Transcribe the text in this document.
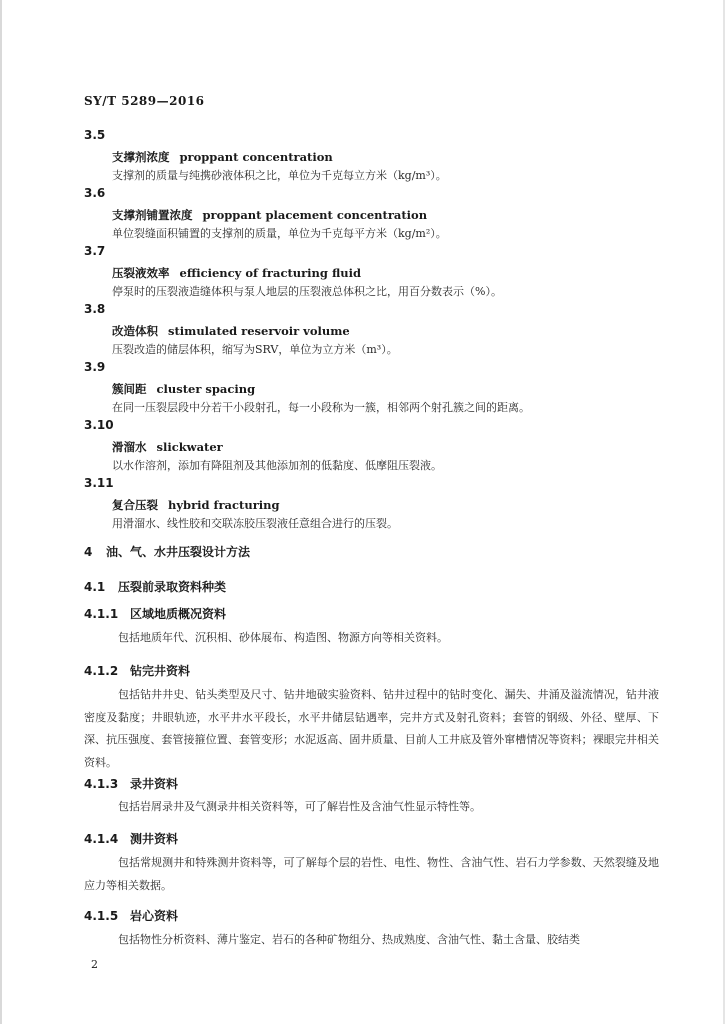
SY/T 5289—2016
3.5
支撑剂浓度 proppant concentration
支撑剂的质量与纯携砂液体积之比，单位为千克每立方米（kg/m³）。
3.6
支撑剂铺置浓度 proppant placement concentration
单位裂缝面积铺置的支撑剂的质量，单位为千克每平方米（kg/m²）。
3.7
压裂液效率 efficiency of fracturing fluid
停泵时的压裂液造缝体积与泵人地层的压裂液总体积之比，用百分数表示（%）。
3.8
改造体积 stimulated reservoir volume
压裂改造的储层体积，缩写为SRV，单位为立方米（m³）。
3.9
簇间距 cluster spacing
在同一压裂层段中分若干小段射孔，每一小段称为一簇，相邻两个射孔簇之间的距离。
3.10
滑溜水 slickwater
以水作溶剂，添加有降阻剂及其他添加剂的低黏度、低摩阻压裂液。
3.11
复合压裂 hybrid fracturing
用滑溜水、线性胶和交联冻胶压裂液任意组合进行的压裂。
4 油、气、水井压裂设计方法
4.1 压裂前录取资料种类
4.1.1 区域地质概况资料
包括地质年代、沉积相、砂体展布、构造图、物源方向等相关资料。
4.1.2 钻完井资料
包括钻井井史、钻头类型及尺寸、钻井地破实验资料、钻井过程中的钻时变化、漏失、井涌及溢流情况，钻井液密度及黏度；井眼轨迹，水平井水平段长，水平井储层钻遇率，完井方式及射孔资料；套管的钢级、外径、壁厚、下深、抗压强度、套管接箍位置、套管变形；水泥返高、固井质量、目前人工井底及管外窜槽情况等资料；裸眼完井相关资料。
4.1.3 录井资料
包括岩屑录井及气测录井相关资料等，可了解岩性及含油气性显示特性等。
4.1.4 测井资料
包括常规测井和特殊测井资料等，可了解每个层的岩性、电性、物性、含油气性、岩石力学参数、天然裂缝及地应力等相关数据。
4.1.5 岩心资料
包括物性分析资料、薄片鉴定、岩石的各种矿物组分、热成熟度、含油气性、黏土含量、胶结类
2
